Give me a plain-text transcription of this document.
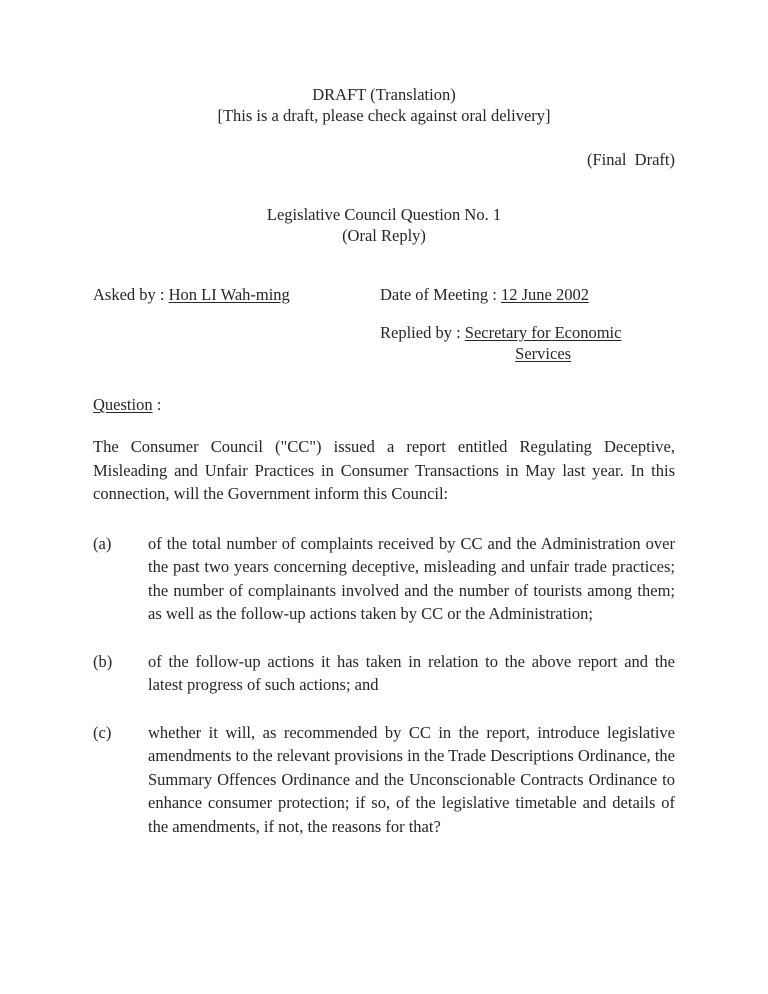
DRAFT (Translation)
[This is a draft, please check against oral delivery]
(Final  Draft)
Legislative Council Question No. 1
(Oral Reply)
Asked by : Hon LI Wah-ming	Date of Meeting : 12 June 2002
Replied by : Secretary for Economic
Services
Question :
The Consumer Council ("CC") issued a report entitled Regulating Deceptive, Misleading and Unfair Practices in Consumer Transactions in May last year. In this connection, will the Government inform this Council:
(a)	of the total number of complaints received by CC and the Administration over the past two years concerning deceptive, misleading and unfair trade practices; the number of complainants involved and the number of tourists among them; as well as the follow-up actions taken by CC or the Administration;
(b)	of the follow-up actions it has taken in relation to the above report and the latest progress of such actions; and
(c)	whether it will, as recommended by CC in the report, introduce legislative amendments to the relevant provisions in the Trade Descriptions Ordinance, the Summary Offences Ordinance and the Unconscionable Contracts Ordinance to enhance consumer protection; if so, of the legislative timetable and details of the amendments, if not, the reasons for that?
